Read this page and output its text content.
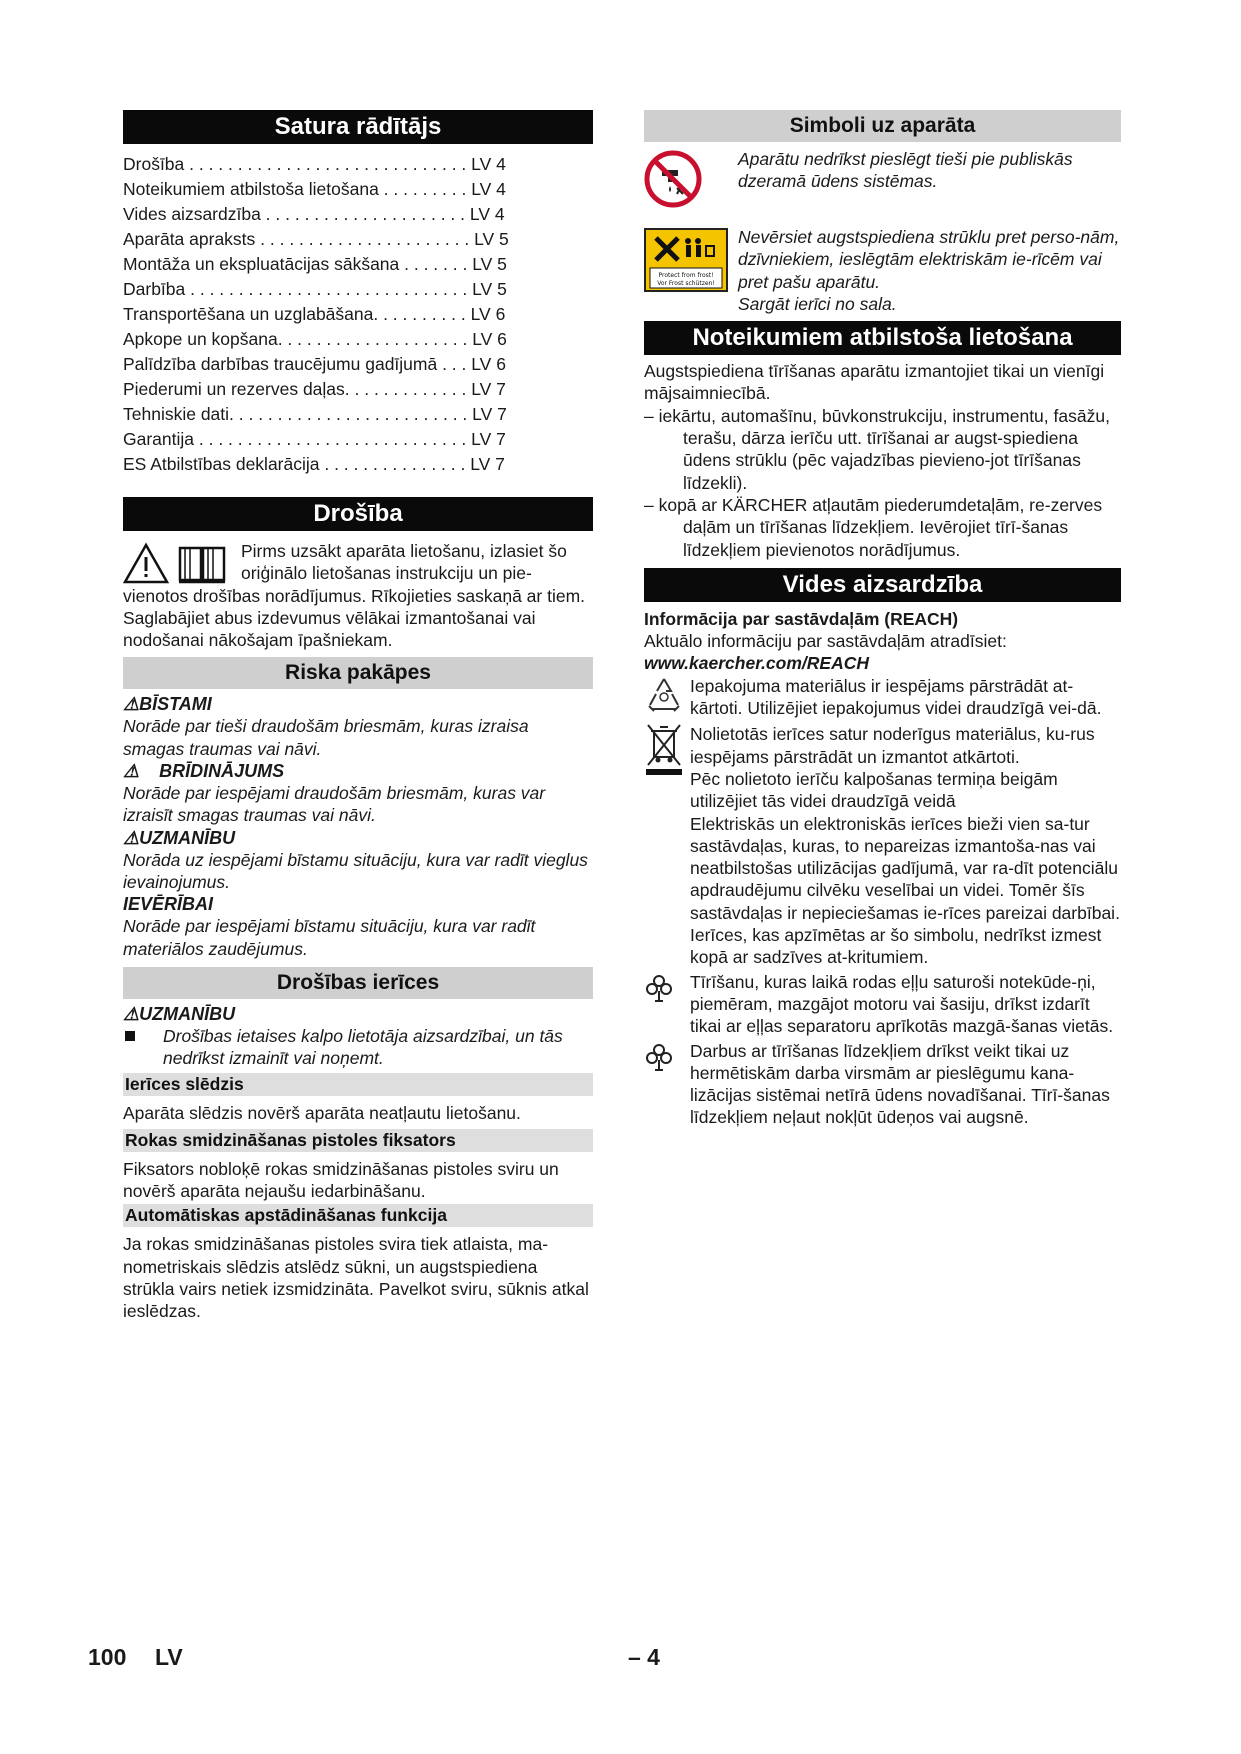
Satura rādītājs
Drošība . . . . . . . . . . . . . . . . . . . . . . . . . . . . . LV 4
Noteikumiem atbilstoša lietošana . . . . . . . . . LV 4
Vides aizsardzība . . . . . . . . . . . . . . . . . . . . . LV 4
Aparāta apraksts . . . . . . . . . . . . . . . . . . . . . . LV 5
Montāža un ekspluatācijas sākšana . . . . . . . LV 5
Darbība . . . . . . . . . . . . . . . . . . . . . . . . . . . . . LV 5
Transportēšana un uzglabāšana. . . . . . . . . . LV 6
Apkope un kopšana. . . . . . . . . . . . . . . . . . . . LV 6
Palīdzība darbības traucējumu gadījumā . . . LV 6
Piederumi un rezerves daļas. . . . . . . . . . . . . LV 7
Tehniskie dati. . . . . . . . . . . . . . . . . . . . . . . . . LV 7
Garantija . . . . . . . . . . . . . . . . . . . . . . . . . . . . LV 7
ES Atbilstības deklarācija . . . . . . . . . . . . . . . LV 7
Drošība

Pirms uzsākt aparāta lietošanu, izlasiet šo oriģinālo lietošanas instrukciju un pie-

vienotos drošības norādījumus. Rīkojieties saskaņā ar tiem. Saglabājiet abus izdevumus vēlākai izmantošanai vai nodošanai nākošajam īpašniekam.

Riska pakāpes
⚠BĪSTAMI

Norāde par tieši draudošām briesmām, kuras izraisa smagas traumas vai nāvi.

⚠ BRĪDINĀJUMS

Norāde par iespējami draudošām briesmām, kuras var izraisīt smagas traumas vai nāvi.

⚠UZMANĪBU

Norāda uz iespējami bīstamu situāciju, kura var radīt vieglus ievainojumus.

IEVĒRĪBAI

Norāde par iespējami bīstamu situāciju, kura var radīt materiālos zaudējumus.

Drošības ierīces
⚠UZMANĪBU

Drošības ietaises kalpo lietotāja aizsardzībai, un tās nedrīkst izmainīt vai noņemt.

Ierīces slēdzis

Aparāta slēdzis novērš aparāta neatļautu lietošanu.

Rokas smidzināšanas pistoles fiksators

Fiksators nobloķē rokas smidzināšanas pistoles sviru un novērš aparāta nejaušu iedarbināšanu.

Automātiskas apstādināšanas funkcija

Ja rokas smidzināšanas pistoles svira tiek atlaista, ma-nometriskais slēdzis atslēdz sūkni, un augstspiediena strūkla vairs netiek izsmidzināta. Pavelkot sviru, sūknis atkal ieslēdzas.

Simboli uz aparāta

Aparātu nedrīkst pieslēgt tieši pie publiskās dzeramā ūdens sistēmas.

Protect from frost!
Vor Frost schützen!

Nevērsiet augstspiediena strūklu pret perso-nām, dzīvniekiem, ieslēgtām elektriskām ie-rīcēm vai pret pašu aparātu.

Sargāt ierīci no sala.

Noteikumiem atbilstoša lietošana

Augstspiediena tīrīšanas aparātu izmantojiet tikai un vienīgi mājsaimniecībā.

– iekārtu, automašīnu, būvkonstrukciju, instrumentu, fasāžu, terašu, dārza ierīču utt. tīrīšanai ar augst-spiediena ūdens strūklu (pēc vajadzības pievieno-jot tīrīšanas līdzekli).

– kopā ar KÄRCHER atļautām piederumdetaļām, re-zerves daļām un tīrīšanas līdzekļiem. Ievērojiet tīrī-šanas līdzekļiem pievienotos norādījumus.

Vides aizsardzība

Informācija par sastāvdaļām (REACH)

Aktuālo informāciju par sastāvdaļām atradīsiet:

www.kaercher.com/REACH

Iepakojuma materiālus ir iespējams pārstrādāt at-kārtoti. Utilizējiet iepakojumus videi draudzīgā vei-dā.

Nolietotās ierīces satur noderīgus materiālus, ku-rus iespējams pārstrādāt un izmantot atkārtoti.

Pēc nolietoto ierīču kalpošanas termiņa beigām utilizējiet tās videi draudzīgā veidā

Elektriskās un elektroniskās ierīces bieži vien sa-tur sastāvdaļas, kuras, to nepareizas izmantoša-nas vai neatbilstošas utilizācijas gadījumā, var ra-dīt potenciālu apdraudējumu cilvēku veselībai un videi. Tomēr šīs sastāvdaļas ir nepieciešamas ie-rīces pareizai darbībai. Ierīces, kas apzīmētas ar šo simbolu, nedrīkst izmest kopā ar sadzīves at-kritumiem.

Tīrīšanu, kuras laikā rodas eļļu saturoši notekūde-ņi, piemēram, mazgājot motoru vai šasiju, drīkst izdarīt tikai ar eļļas separatoru aprīkotās mazgā-šanas vietās.

Darbus ar tīrīšanas līdzekļiem drīkst veikt tikai uz hermētiskām darba virsmām ar pieslēgumu kana-lizācijas sistēmai netīrā ūdens novadīšanai. Tīrī-šanas līdzekļiem neļaut nokļūt ūdeņos vai augsnē.

100 LV	– 4
